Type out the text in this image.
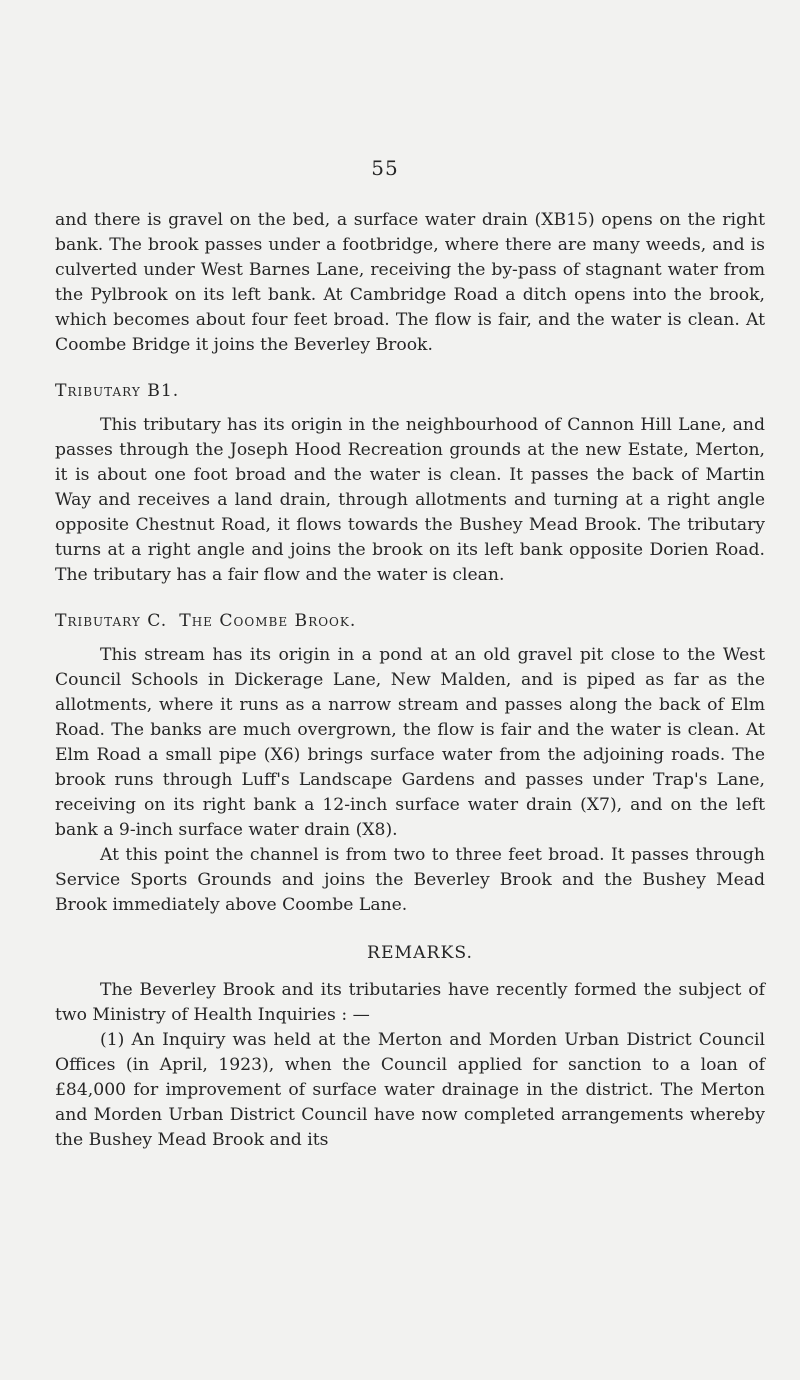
55

and there is gravel on the bed, a surface water drain (XB15) opens on the right bank. The brook passes under a footbridge, where there are many weeds, and is culverted under West Barnes Lane, receiving the by-pass of stagnant water from the Pylbrook on its left bank. At Cambridge Road a ditch opens into the brook, which becomes about four feet broad. The flow is fair, and the water is clean. At Coombe Bridge it joins the Beverley Brook.

Tributary B1.

This tributary has its origin in the neighbourhood of Cannon Hill Lane, and passes through the Joseph Hood Recreation grounds at the new Estate, Merton, it is about one foot broad and the water is clean. It passes the back of Martin Way and receives a land drain, through allotments and turning at a right angle opposite Chestnut Road, it flows towards the Bushey Mead Brook. The tributary turns at a right angle and joins the brook on its left bank opposite Dorien Road. The tributary has a fair flow and the water is clean.

Tributary C. The Coombe Brook.

This stream has its origin in a pond at an old gravel pit close to the West Council Schools in Dickerage Lane, New Malden, and is piped as far as the allotments, where it runs as a narrow stream and passes along the back of Elm Road. The banks are much overgrown, the flow is fair and the water is clean. At Elm Road a small pipe (X6) brings surface water from the adjoining roads. The brook runs through Luff's Landscape Gardens and passes under Trap's Lane, receiving on its right bank a 12-inch surface water drain (X7), and on the left bank a 9-inch surface water drain (X8).

At this point the channel is from two to three feet broad. It passes through Service Sports Grounds and joins the Beverley Brook and the Bushey Mead Brook immediately above Coombe Lane.

REMARKS.

The Beverley Brook and its tributaries have recently formed the subject of two Ministry of Health Inquiries : —

(1) An Inquiry was held at the Merton and Morden Urban District Council Offices (in April, 1923), when the Council applied for sanction to a loan of £84,000 for improvement of surface water drainage in the district. The Merton and Morden Urban District Council have now completed arrangements whereby the Bushey Mead Brook and its
